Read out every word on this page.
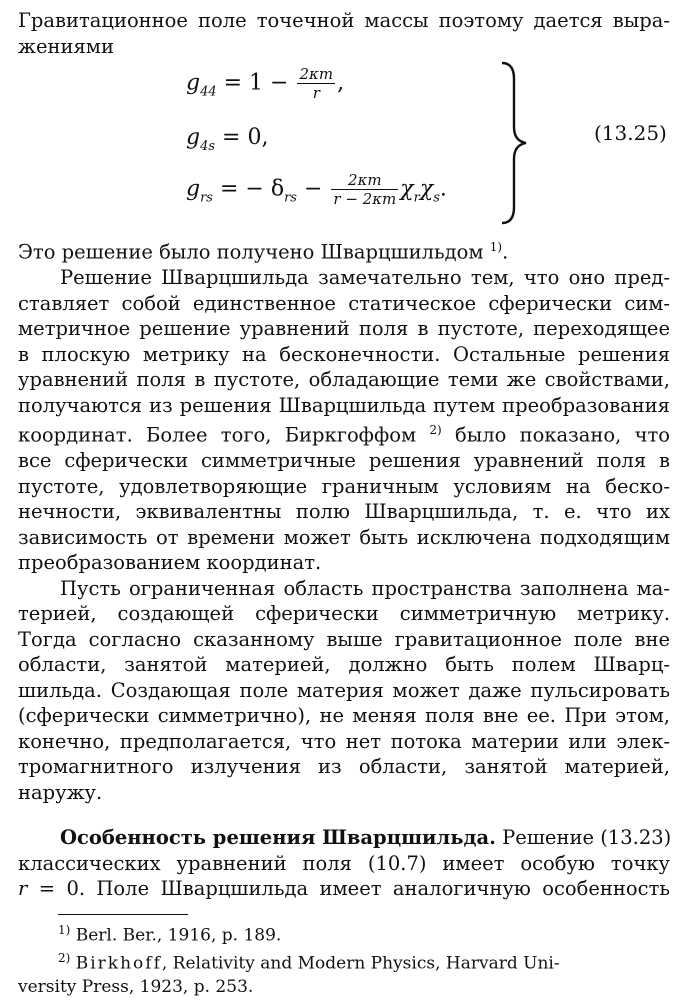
Гравитационное поле точечной массы поэтому дается выра-
жениями
$g_{44} = 1 - \frac{2\kappa m}{r}$ ,
$g_{4s} = 0$,
$g_{rs}$ = − $\delta_{rs} - \frac{2\kappa m}{r - 2\kappa m} \chi_r\chi_s$.
(13.25)
Это решение было получено Шварцшильдом $^{1)}$.
Решение Шварцшильда замечательно тем, что оно пред-
ставляет собой единственное статическое сферически сим-
метричное решение уравнений поля в пустоте, переходящее
в плоскую метрику на бесконечности. Остальные решения
уравнений поля в пустоте, обладающие теми же свойствами,
получаются из решения Шварцшильда путем преобразования
координат. Более того, Биркгоффом $^{2)}$ было показано, что
все сферически симметричные решения уравнений поля в
пустоте, удовлетворяющие граничным условиям на беско-
нечности, эквивалентны полю Шварцшильда, т. е. что их
зависимость от времени может быть исключена подходящим
преобразованием координат.
Пусть ограниченная область пространства заполнена ма-
терией, создающей сферически симметричную метрику.
Тогда согласно сказанному выше гравитационное поле вне
области, занятой материей, должно быть полем Шварц-
шильда. Создающая поле материя может даже пульсировать
(сферически симметрично), не меняя поля вне ее. При этом,
конечно, предполагается, что нет потока материи или элек-
тромагнитного излучения из области, занятой материей,
наружу.
Особенность решения Шварцшильда. Решение (13.23)
классических уравнений поля (10.7) имеет особую точку
r = 0. Поле Шварцшильда имеет аналогичную особенность
$^{1)}$ Berl. Ber., 1916, p. 189.
$^{2)}$ Birkhoff, Relativity and Modern Physics, Harvard Uni-
versity Press, 1923, p. 253.
